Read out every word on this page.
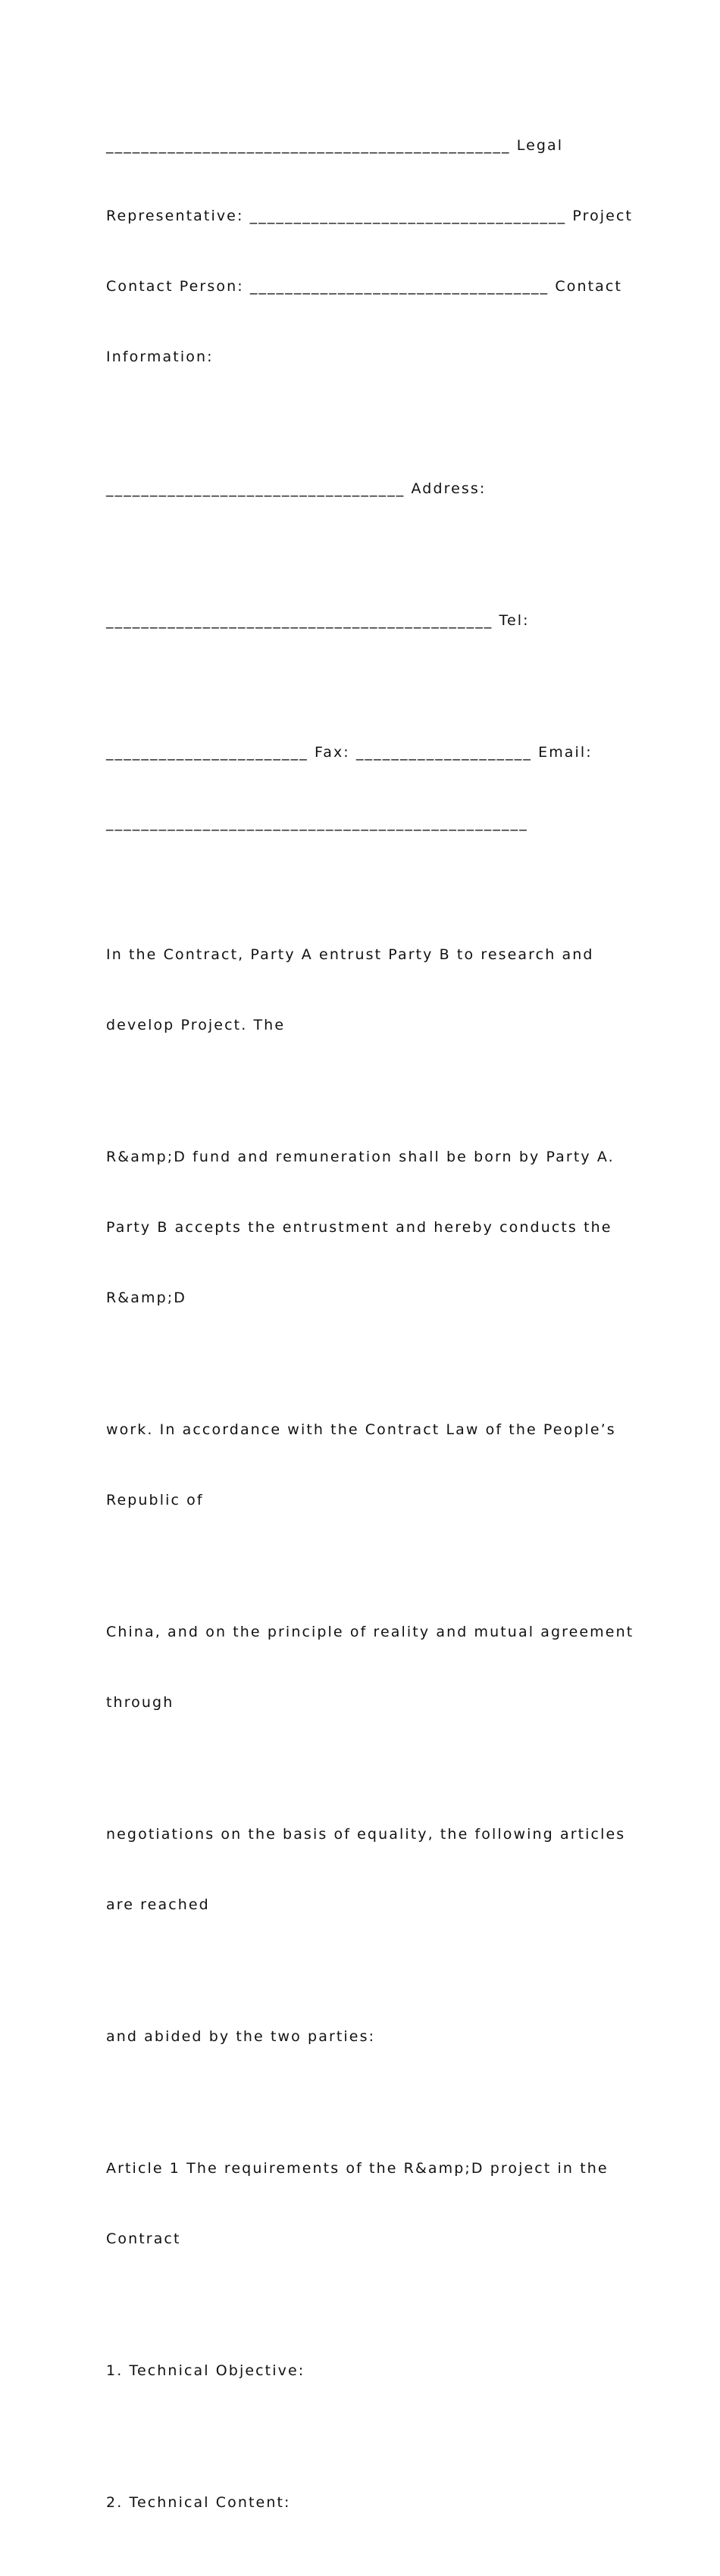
______________________________________________ Legal

Representative: ____________________________________ Project

Contact Person: __________________________________ Contact

Information:

__________________________________ Address:

____________________________________________ Tel:

_______________________ Fax: ____________________ Email:

________________________________________________

In the Contract, Party A entrust Party B to research and

develop Project. The

R&amp;D fund and remuneration shall be born by Party A.

Party B accepts the entrustment and hereby conducts the

R&amp;D

work. In accordance with the Contract Law of the People’s

Republic of

China, and on the principle of reality and mutual agreement

through

negotiations on the basis of equality, the following articles

are reached

and abided by the two parties:

Article 1 The requirements of the R&amp;D project in the

Contract

1. Technical Objective:

2. Technical Content:
